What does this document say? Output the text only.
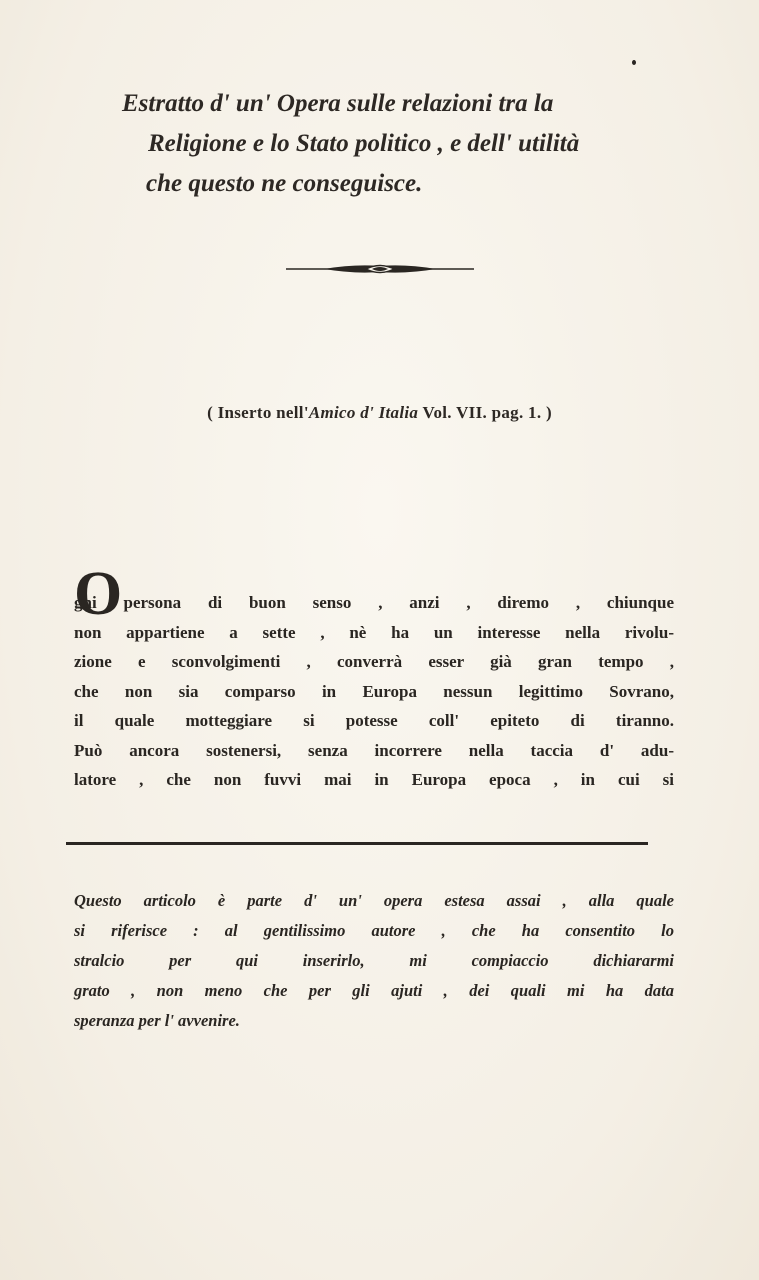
Estratto d' un' Opera sulle relazioni tra la
Religione e lo Stato politico , e dell' utilità
che questo ne conseguisce.
( Inserto nell'Amico d' Italia Vol. VII. pag. 1. )
O
gni persona di buon senso , anzi , diremo , chiunque
non appartiene a sette , nè ha un interesse nella rivolu-
zione e sconvolgimenti , converrà esser già gran tempo ,
che non sia comparso in Europa nessun legittimo Sovrano,
il quale motteggiare si potesse coll' epiteto di tiranno.
Può ancora sostenersi, senza incorrere nella taccia d' adu-
latore , che non fuvvi mai in Europa epoca , in cui si
Questo articolo è parte d' un' opera estesa assai , alla quale
si riferisce : al gentilissimo autore , che ha consentito lo
stralcio per qui inserirlo, mi compiaccio dichiararmi
grato , non meno che per gli ajuti , dei quali mi ha data
speranza per l' avvenire.
